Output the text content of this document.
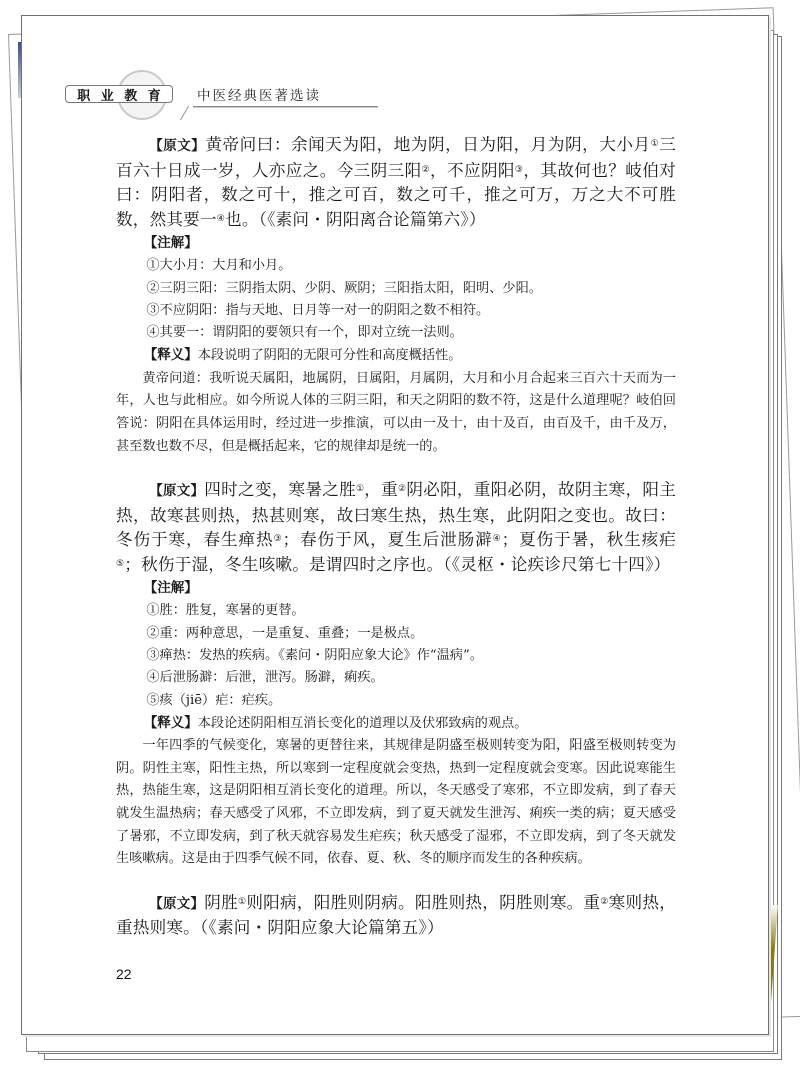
职 业 教 育	中医经典医著选读

【原文】黄帝问曰：余闻天为阳，地为阴，日为阳，月为阴，大小月①三百六十日成一岁，人亦应之。今三阴三阳②，不应阴阳③，其故何也？岐伯对曰：阴阳者，数之可十，推之可百，数之可千，推之可万，万之大不可胜数，然其要一④也。（《素问・阴阳离合论篇第六》）

【注解】

①大小月：大月和小月。

②三阴三阳：三阴指太阴、少阴、厥阴；三阳指太阳，阳明、少阳。

③不应阴阳：指与天地、日月等一对一的阴阳之数不相符。

④其要一：谓阴阳的要领只有一个，即对立统一法则。

【释义】本段说明了阴阳的无限可分性和高度概括性。

黄帝问道：我听说天属阳，地属阴，日属阳，月属阴，大月和小月合起来三百六十天而为一年，人也与此相应。如今所说人体的三阴三阳，和天之阴阳的数不符，这是什么道理呢？岐伯回答说：阴阳在具体运用时，经过进一步推演，可以由一及十，由十及百，由百及千，由千及万，甚至数也数不尽，但是概括起来，它的规律却是统一的。

【原文】四时之变，寒暑之胜①，重②阴必阳，重阳必阴，故阴主寒，阳主热，故寒甚则热，热甚则寒，故曰寒生热，热生寒，此阴阳之变也。故曰：冬伤于寒，春生瘅热③；春伤于风，夏生后泄肠澼④；夏伤于暑，秋生痎疟⑤；秋伤于湿，冬生咳嗽。是谓四时之序也。（《灵枢・论疾诊尺第七十四》）

【注解】

①胜：胜复，寒暑的更替。

②重：两种意思，一是重复、重叠；一是极点。

③瘅热：发热的疾病。《素问・阴阳应象大论》作“温病”。

④后泄肠澼：后泄，泄泻。肠澼，痢疾。

⑤痎（jiē）疟：疟疾。

【释义】本段论述阴阳相互消长变化的道理以及伏邪致病的观点。

一年四季的气候变化，寒暑的更替往来，其规律是阴盛至极则转变为阳，阳盛至极则转变为阴。阴性主寒，阳性主热，所以寒到一定程度就会变热，热到一定程度就会变寒。因此说寒能生热，热能生寒，这是阴阳相互消长变化的道理。所以，冬天感受了寒邪，不立即发病，到了春天就发生温热病；春天感受了风邪，不立即发病，到了夏天就发生泄泻、痢疾一类的病；夏天感受了暑邪，不立即发病，到了秋天就容易发生疟疾；秋天感受了湿邪，不立即发病，到了冬天就发生咳嗽病。这是由于四季气候不同，依春、夏、秋、冬的顺序而发生的各种疾病。

【原文】阴胜①则阳病，阳胜则阴病。阳胜则热，阴胜则寒。重②寒则热，重热则寒。（《素问・阴阳应象大论篇第五》）

22
